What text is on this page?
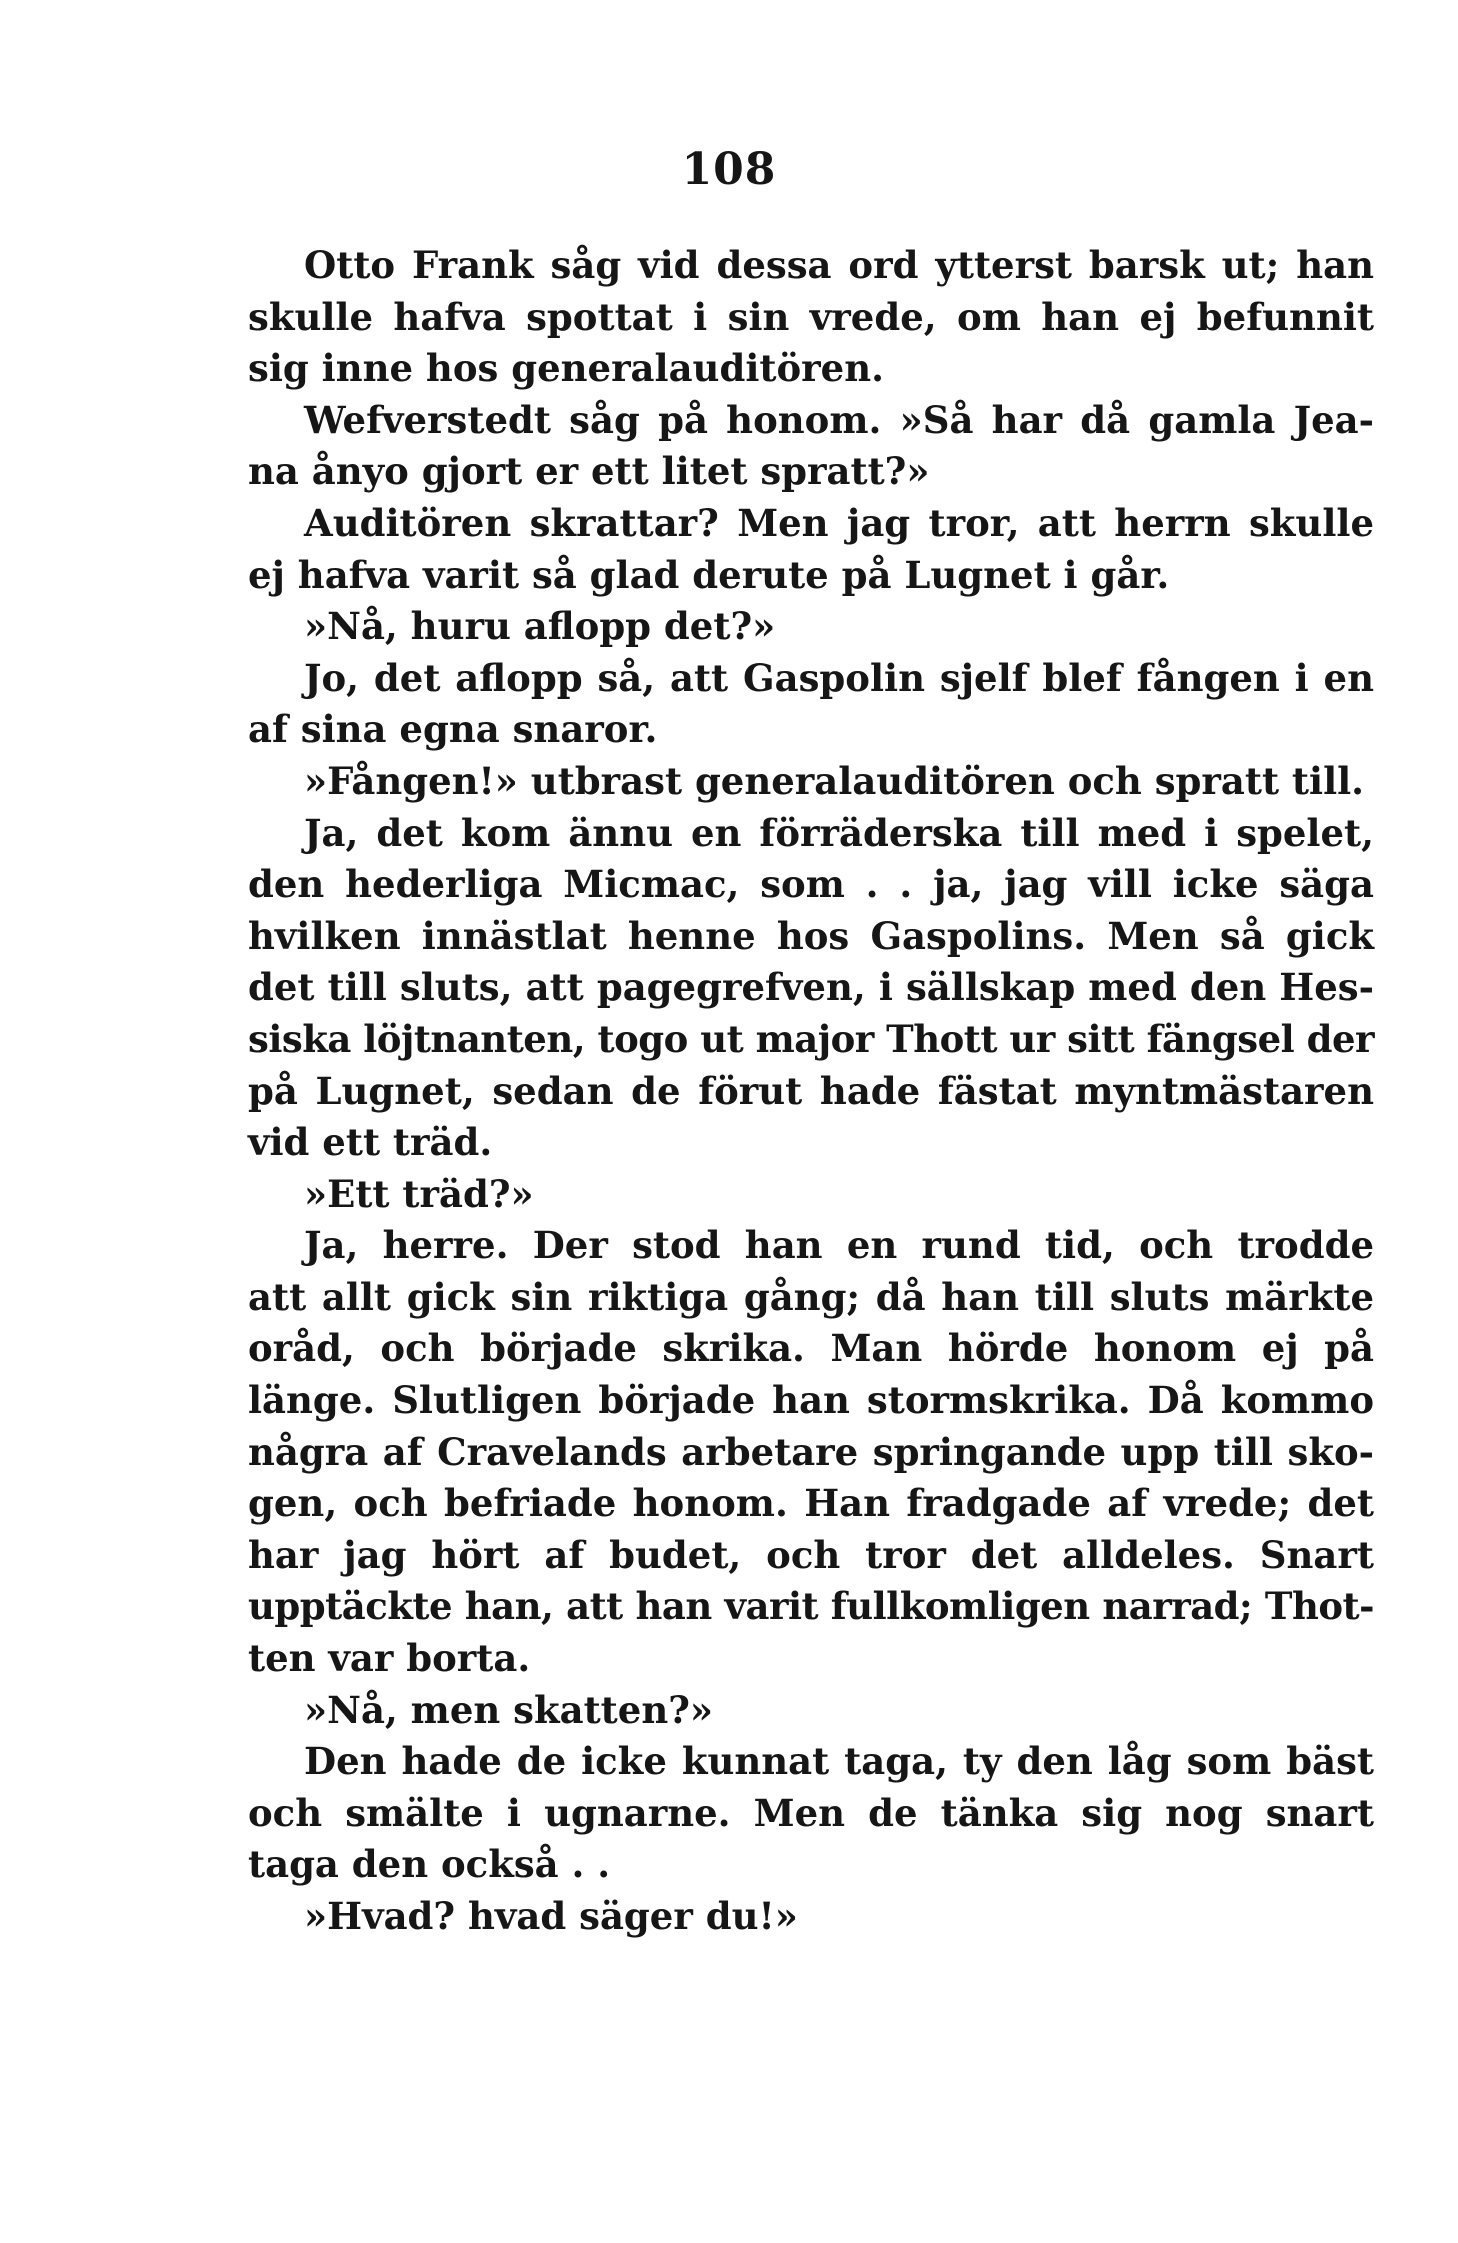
108
Otto Frank såg vid dessa ord ytterst barsk ut; han
skulle hafva spottat i sin vrede, om han ej befunnit
sig inne hos generalauditören.
Wefverstedt såg på honom. »Så har då gamla Jea-
na ånyo gjort er ett litet spratt?»
Auditören skrattar? Men jag tror, att herrn skulle
ej hafva varit så glad derute på Lugnet i går.
»Nå, huru aflopp det?»
Jo, det aflopp så, att Gaspolin sjelf blef fången i en
af sina egna snaror.
»Fången!» utbrast generalauditören och spratt till.
Ja, det kom ännu en förräderska till med i spelet,
den hederliga Micmac, som . . ja, jag vill icke säga
hvilken innästlat henne hos Gaspolins. Men så gick
det till sluts, att pagegrefven, i sällskap med den Hes-
siska löjtnanten, togo ut major Thott ur sitt fängsel der
på Lugnet, sedan de förut hade fästat myntmästaren
vid ett träd.
»Ett träd?»
Ja, herre. Der stod han en rund tid, och trodde
att allt gick sin riktiga gång; då han till sluts märkte
oråd, och började skrika. Man hörde honom ej på
länge. Slutligen började han stormskrika. Då kommo
några af Cravelands arbetare springande upp till sko-
gen, och befriade honom. Han fradgade af vrede; det
har jag hört af budet, och tror det alldeles. Snart
upptäckte han, att han varit fullkomligen narrad; Thot-
ten var borta.
»Nå, men skatten?»
Den hade de icke kunnat taga, ty den låg som bäst
och smälte i ugnarne. Men de tänka sig nog snart
taga den också . .
»Hvad? hvad säger du!»
